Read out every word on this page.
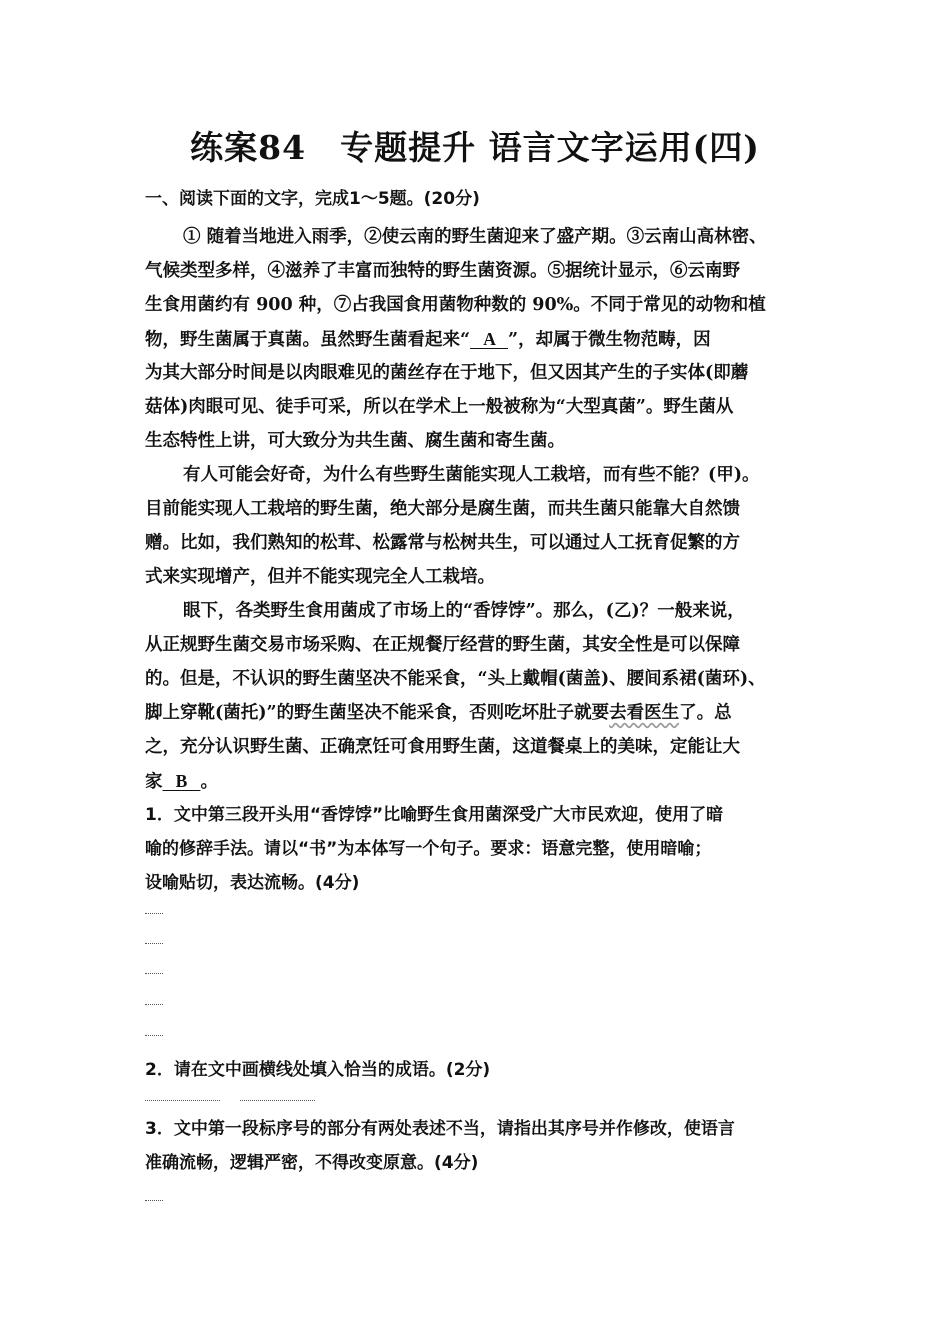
练案84　专题提升 语言文字运用(四)
一、阅读下面的文字，完成1～5题。(20分)
① 随着当地进入雨季，②使云南的野生菌迎来了盛产期。③云南山高林密、
气候类型多样，④滋养了丰富而独特的野生菌资源。⑤据统计显示，⑥云南野
生食用菌约有 900 种，⑦占我国食用菌物种数的 90%。不同于常见的动物和植
物，野生菌属于真菌。虽然野生菌看起来“   A   ”，却属于微生物范畴，因
为其大部分时间是以肉眼难见的菌丝存在于地下，但又因其产生的子实体(即蘑
菇体)肉眼可见、徒手可采，所以在学术上一般被称为“大型真菌”。野生菌从
生态特性上讲，可大致分为共生菌、腐生菌和寄生菌。
有人可能会好奇，为什么有些野生菌能实现人工栽培，而有些不能？(甲)。
目前能实现人工栽培的野生菌，绝大部分是腐生菌，而共生菌只能靠大自然馈
赠。比如，我们熟知的松茸、松露常与松树共生，可以通过人工抚育促繁的方
式来实现增产，但并不能实现完全人工栽培。
眼下，各类野生食用菌成了市场上的“香饽饽”。那么，(乙)？一般来说，
从正规野生菌交易市场采购、在正规餐厅经营的野生菌，其安全性是可以保障
的。但是，不认识的野生菌坚决不能采食，“头上戴帽(菌盖)、腰间系裙(菌环)、
脚上穿靴(菌托)”的野生菌坚决不能采食，否则吃坏肚子就要去看医生了。总
之，充分认识野生菌、正确烹饪可食用野生菌，这道餐桌上的美味，定能让大
家   B   。
1．文中第三段开头用“香饽饽”比喻野生食用菌深受广大市民欢迎，使用了暗
喻的修辞手法。请以“书”为本体写一个句子。要求：语意完整，使用暗喻；
设喻贴切，表达流畅。(4分)
2．请在文中画横线处填入恰当的成语。(2分)
3．文中第一段标序号的部分有两处表述不当，请指出其序号并作修改，使语言
准确流畅，逻辑严密，不得改变原意。(4分)
